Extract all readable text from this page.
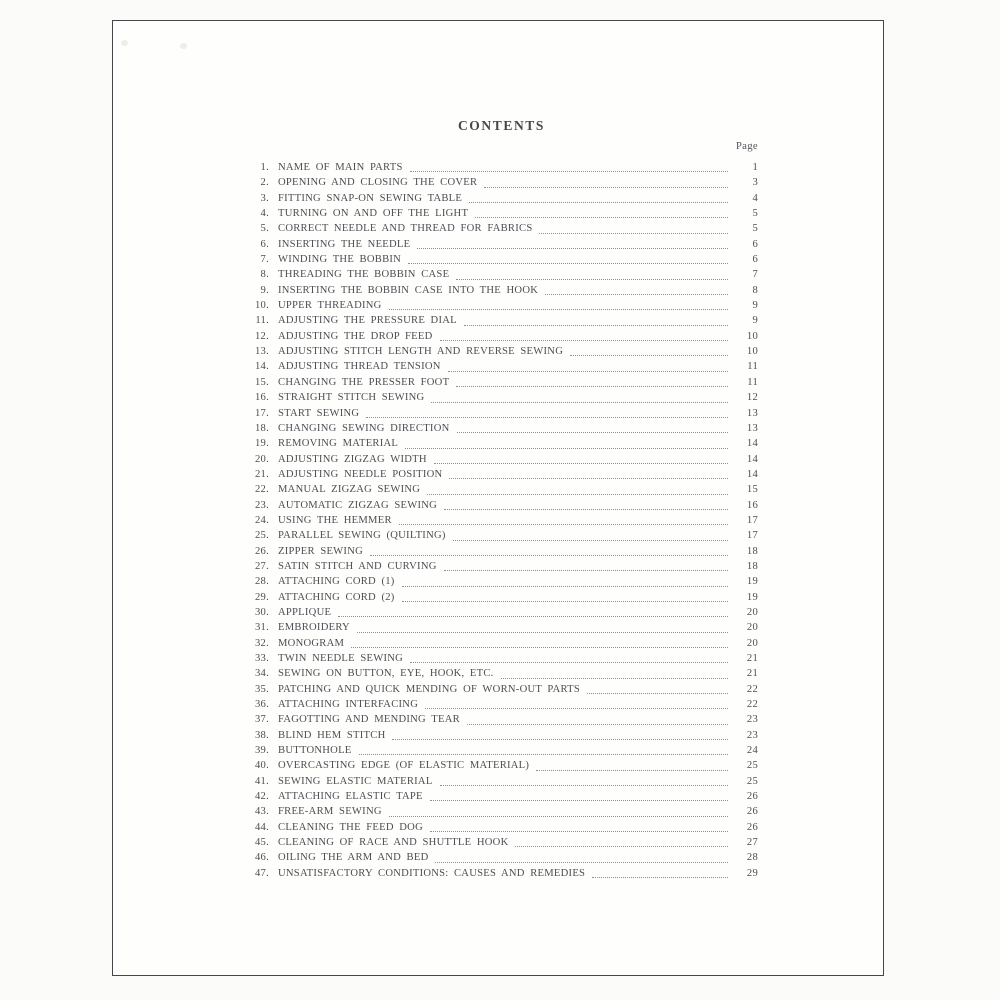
CONTENTS
Page
1. NAME OF MAIN PARTS	1
2. OPENING AND CLOSING THE COVER	3
3. FITTING SNAP-ON SEWING TABLE	4
4. TURNING ON AND OFF THE LIGHT	5
5. CORRECT NEEDLE AND THREAD FOR FABRICS	5
6. INSERTING THE NEEDLE	6
7. WINDING THE BOBBIN	6
8. THREADING THE BOBBIN CASE	7
9. INSERTING THE BOBBIN CASE INTO THE HOOK	8
10. UPPER THREADING	9
11. ADJUSTING THE PRESSURE DIAL	9
12. ADJUSTING THE DROP FEED	10
13. ADJUSTING STITCH LENGTH AND REVERSE SEWING	10
14. ADJUSTING THREAD TENSION	11
15. CHANGING THE PRESSER FOOT	11
16. STRAIGHT STITCH SEWING	12
17. START SEWING	13
18. CHANGING SEWING DIRECTION	13
19. REMOVING MATERIAL	14
20. ADJUSTING ZIGZAG WIDTH	14
21. ADJUSTING NEEDLE POSITION	14
22. MANUAL ZIGZAG SEWING	15
23. AUTOMATIC ZIGZAG SEWING	16
24. USING THE HEMMER	17
25. PARALLEL SEWING (QUILTING)	17
26. ZIPPER SEWING	18
27. SATIN STITCH AND CURVING	18
28. ATTACHING CORD (1)	19
29. ATTACHING CORD (2)	19
30. APPLIQUE	20
31. EMBROIDERY	20
32. MONOGRAM	20
33. TWIN NEEDLE SEWING	21
34. SEWING ON BUTTON, EYE, HOOK, ETC.	21
35. PATCHING AND QUICK MENDING OF WORN-OUT PARTS	22
36. ATTACHING INTERFACING	22
37. FAGOTTING AND MENDING TEAR	23
38. BLIND HEM STITCH	23
39. BUTTONHOLE	24
40. OVERCASTING EDGE (OF ELASTIC MATERIAL)	25
41. SEWING ELASTIC MATERIAL	25
42. ATTACHING ELASTIC TAPE	26
43. FREE-ARM SEWING	26
44. CLEANING THE FEED DOG	26
45. CLEANING OF RACE AND SHUTTLE HOOK	27
46. OILING THE ARM AND BED	28
47. UNSATISFACTORY CONDITIONS: CAUSES AND REMEDIES	29
